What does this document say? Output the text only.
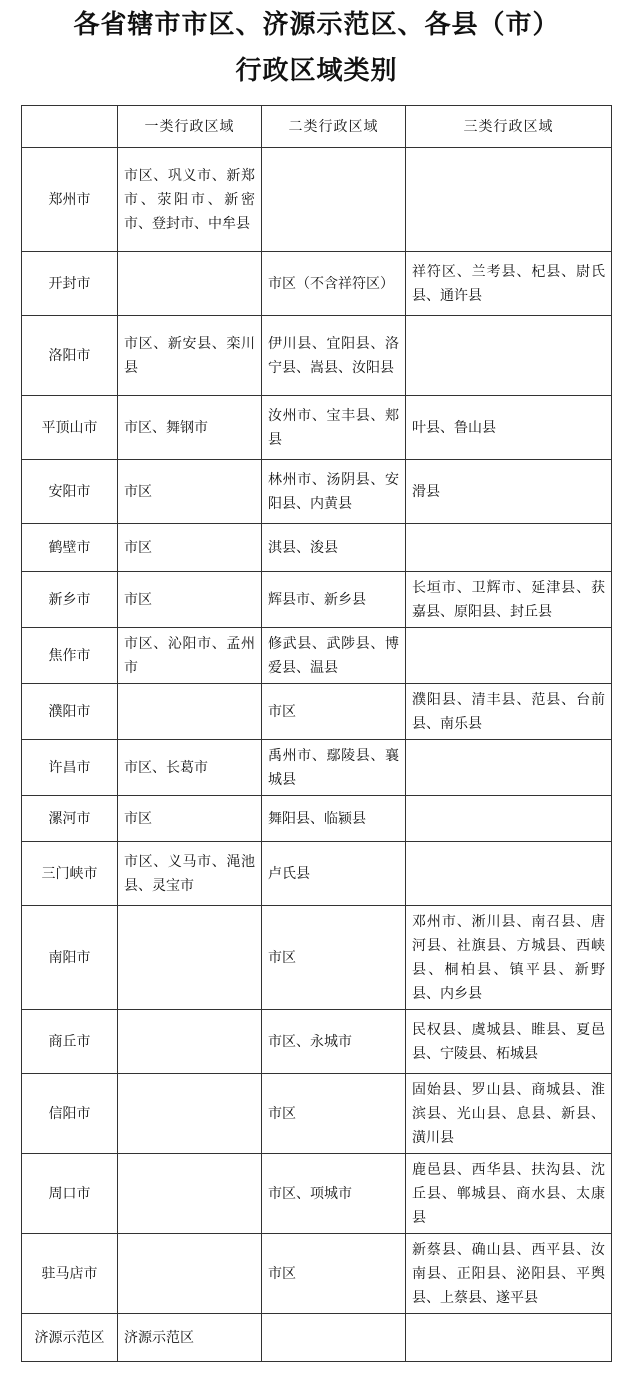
各省辖市市区、济源示范区、各县（市）
行政区域类别
	一类行政区域	二类行政区域	三类行政区域
郑州市	市区、巩义市、新郑市、荥阳市、新密市、登封市、中牟县		
开封市		市区（不含祥符区）	祥符区、兰考县、杞县、尉氏县、通许县
洛阳市	市区、新安县、栾川县	伊川县、宜阳县、洛宁县、嵩县、汝阳县	
平顶山市	市区、舞钢市	汝州市、宝丰县、郏县	叶县、鲁山县
安阳市	市区	林州市、汤阴县、安阳县、内黄县	滑县
鹤壁市	市区	淇县、浚县	
新乡市	市区	辉县市、新乡县	长垣市、卫辉市、延津县、获嘉县、原阳县、封丘县
焦作市	市区、沁阳市、孟州市	修武县、武陟县、博爱县、温县	
濮阳市		市区	濮阳县、清丰县、范县、台前县、南乐县
许昌市	市区、长葛市	禹州市、鄢陵县、襄城县	
漯河市	市区	舞阳县、临颍县	
三门峡市	市区、义马市、渑池县、灵宝市	卢氏县	
南阳市		市区	邓州市、淅川县、南召县、唐河县、社旗县、方城县、西峡县、桐柏县、镇平县、新野县、内乡县
商丘市		市区、永城市	民权县、虞城县、睢县、夏邑县、宁陵县、柘城县
信阳市		市区	固始县、罗山县、商城县、淮滨县、光山县、息县、新县、潢川县
周口市		市区、项城市	鹿邑县、西华县、扶沟县、沈丘县、郸城县、商水县、太康县
驻马店市		市区	新蔡县、确山县、西平县、汝南县、正阳县、泌阳县、平舆县、上蔡县、遂平县
济源示范区	济源示范区		
